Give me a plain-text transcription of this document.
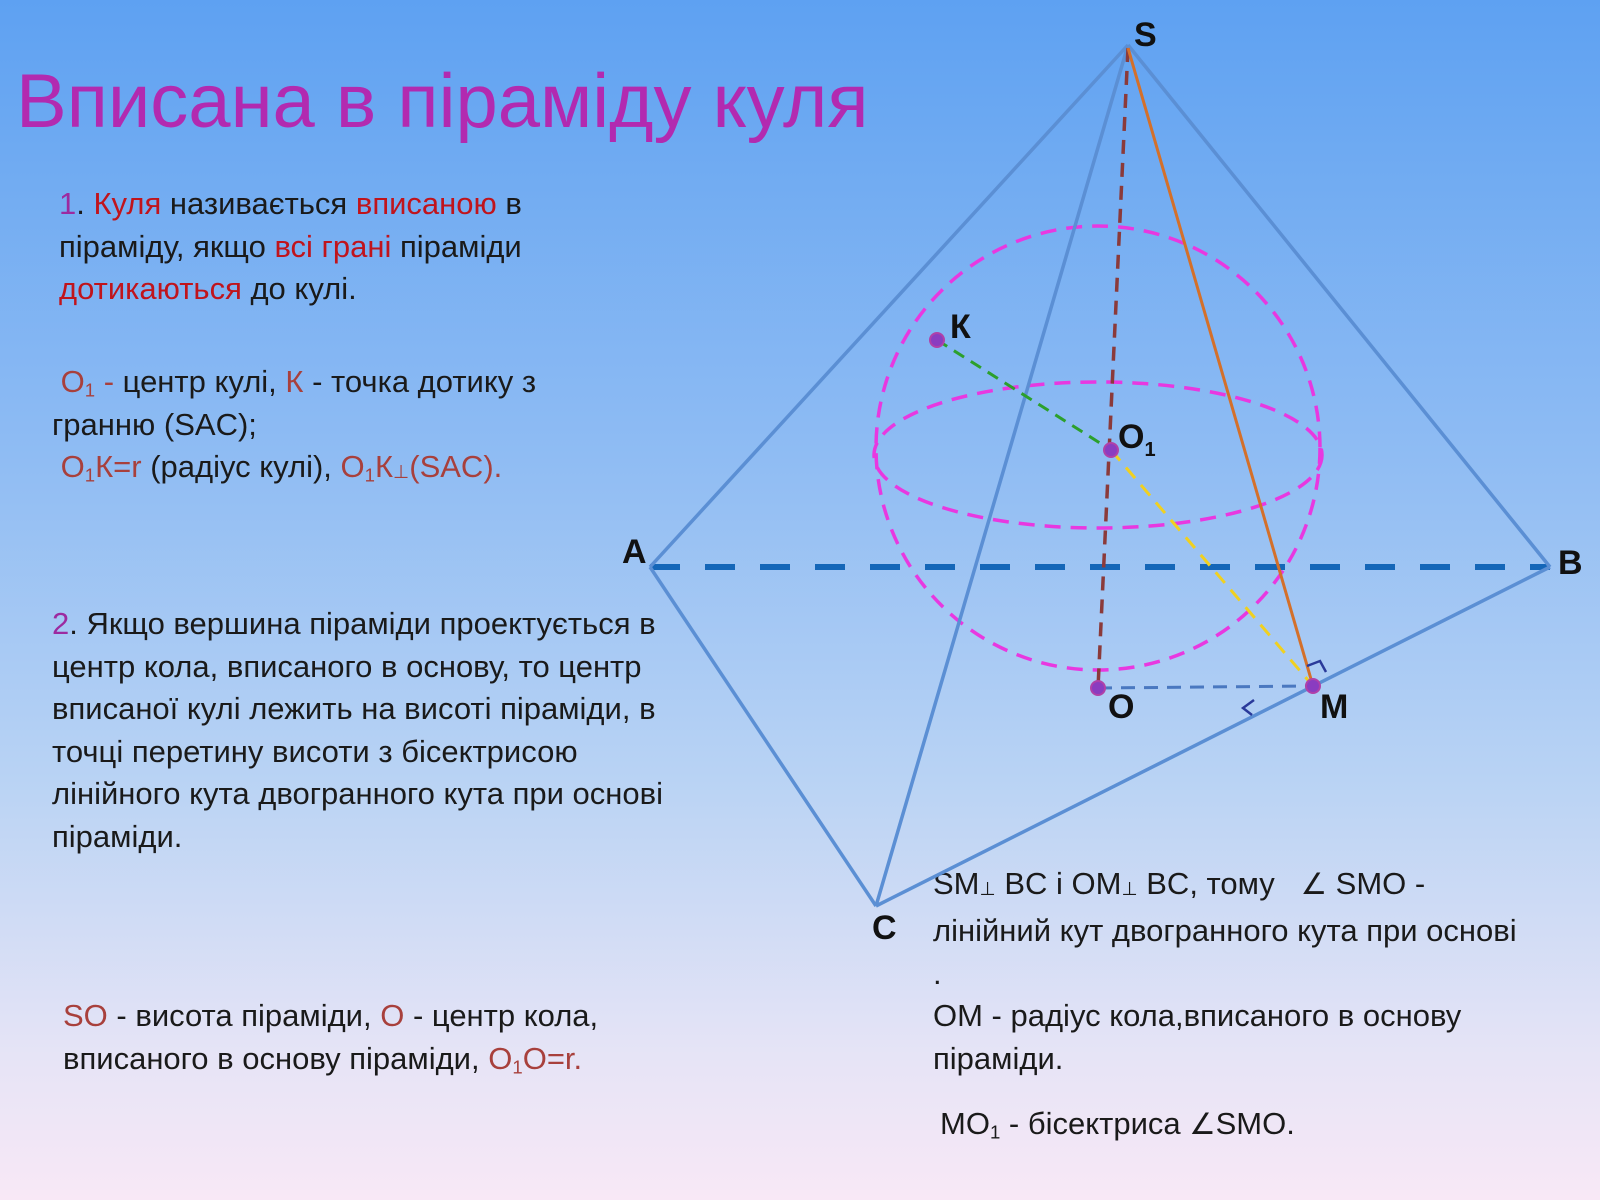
Вписана в піраміду куля
1. Куля називається вписаною в піраміду, якщо всі грані піраміди дотикаються до кулі.
$О_1$ - центр кулі, К - точка дотику з гранню (SAC);
$О_1К=r$ (радіус кулі), $О_1К\perp(SAC)$.
2. Якщо вершина піраміди проектується в центр кола, вписаного в основу, то центр вписаної кулі лежить на висоті піраміди, в точці перетину висоти з бісектрисою лінійного кута двогранного кута при основі піраміди.
SO - висота піраміди, О - центр кола, вписаного в основу піраміди, $О_1О=r$.
SM⊥ BC і OM⊥ BC, тому   ∠ SMO - лінійний кут двогранного кута при основі .
ОМ - радіус кола,вписаного в основу піраміди.
$МО_1$ - бісектриса ∠SMO.
S
A	B
C
К
$O_1$
O	M
